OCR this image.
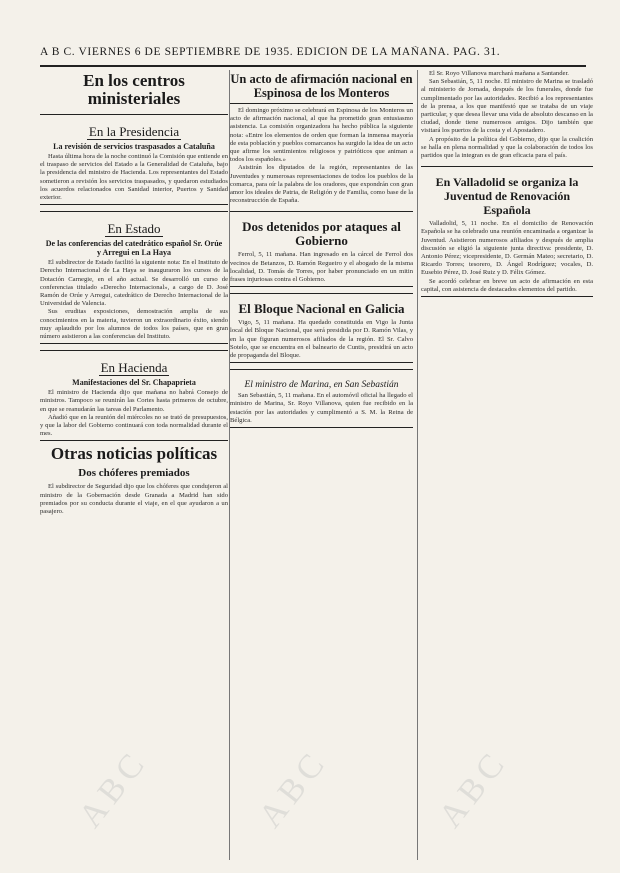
A B C. VIERNES 6 DE SEPTIEMBRE DE 1935. EDICION DE LA MAÑANA. PAG. 31.
En los centros ministeriales
En la Presidencia
La revisión de servicios traspasados a Cataluña

Hasta última hora de la noche continuó la Comisión que entiende en el traspaso de servicios del Estado a la Generalidad de Cataluña, bajo la presidencia del ministro de Hacienda. Los representantes del Estado sometieron a revisión los servicios traspasados, y quedaron estudiados los acuerdos relacionados con Sanidad interior, Puertos y Sanidad exterior.

En Estado
De las conferencias del catedrático español Sr. Orúe y Arregui en La Haya

El subdirector de Estado facilitó la siguiente nota: En el Instituto de Derecho Internacional de La Haya se inauguraron los cursos de la Dotación Carnegie, en el año actual. Se desarrolló un curso de conferencias titulado «Derecho Internacional», a cargo de D. José Ramón de Orúe y Arregui, catedrático de Derecho Internacional de la Universidad de Valencia.

Sus eruditas exposiciones, demostración amplia de sus conocimientos en la materia, tuvieron un extraordinario éxito, siendo muy aplaudido por los alumnos de todos los países, que en gran número asistieron a las conferencias del Instituto.

En Hacienda
Manifestaciones del Sr. Chapaprieta

El ministro de Hacienda dijo que mañana no habrá Consejo de ministros. Tampoco se reunirán las Cortes hasta primeros de octubre, en que se reanudarán las tareas del Parlamento.

Añadió que en la reunión del miércoles no se trató de presupuestos, y que la labor del Gobierno continuará con toda normalidad durante el mes.

Otras noticias políticas
Dos chóferes premiados

El subdirector de Seguridad dijo que los chóferes que condujeron al ministro de la Gobernación desde Granada a Madrid han sido premiados por su conducta durante el viaje, en el que ayudaron a un pasajero.

Un acto de afirmación nacional en Espinosa de los Monteros

El domingo próximo se celebrará en Espinosa de los Monteros un acto de afirmación nacional, al que ha prometido gran entusiasmo asistencia. La comisión organizadora ha hecho pública la siguiente nota: «Entre los elementos de orden que forman la inmensa mayoría de esta población y pueblos comarcanos ha surgido la idea de un acto que afirme los sentimientos religiosos y patrióticos que animan a todos los españoles.»

Asistirán los diputados de la región, representantes de las Juventudes y numerosas representaciones de todos los pueblos de la comarca, para oír la palabra de los oradores, que expondrán con gran amor los ideales de Patria, de Religión y de Familia, como base de la reconstrucción de España.

Dos detenidos por ataques al Gobierno

Ferrol, 5, 11 mañana. Han ingresado en la cárcel de Ferrol dos vecinos de Betanzos, D. Ramón Regueiro y el abogado de la misma localidad, D. Tomás de Torres, por haber pronunciado en un mitin frases injuriosas contra el Gobierno.

El Bloque Nacional en Galicia

Vigo, 5, 11 mañana. Ha quedado constituida en Vigo la Junta local del Bloque Nacional, que será presidida por D. Ramón Vilas, y en la que figuran numerosos afiliados de la región. El Sr. Calvo Sotelo, que se encuentra en el balneario de Cuntis, presidirá un acto de propaganda del Bloque.

El ministro de Marina, en San Sebastián

San Sebastián, 5, 11 mañana. En el automóvil oficial ha llegado el ministro de Marina, Sr. Royo Villanova, quien fue recibido en la estación por las autoridades y cumplimentó a S. M. la Reina de Bélgica.

El Sr. Royo Villanova marchará mañana a Santander.

San Sebastián, 5, 11 noche. El ministro de Marina se trasladó al ministerio de Jornada, después de los funerales, donde fue cumplimentado por las autoridades. Recibió a los representantes de la prensa, a los que manifestó que se trataba de un viaje particular, y que desea llevar una vida de absoluto descanso en la ciudad, donde tiene numerosos amigos. Dijo también que visitará los puertos de la costa y el Apostadero.

A propósito de la política del Gobierno, dijo que la coalición se halla en plena normalidad y que la colaboración de todos los partidos que la integran es de gran eficacia para el país.

En Valladolid se organiza la Juventud de Renovación Española

Valladolid, 5, 11 noche. En el domicilio de Renovación Española se ha celebrado una reunión encaminada a organizar la Juventud. Asistieron numerosos afiliados y después de amplia discusión se eligió la siguiente junta directiva: presidente, D. Antonio Pérez; vicepresidente, D. Germán Mateo; secretario, D. Ricardo Torres; tesorero, D. Ángel Rodríguez; vocales, D. Eusebio Pérez, D. José Ruiz y D. Félix Gómez.

Se acordó celebrar en breve un acto de afirmación en esta capital, con asistencia de destacados elementos del partido.

ABC	ABC	ABC
